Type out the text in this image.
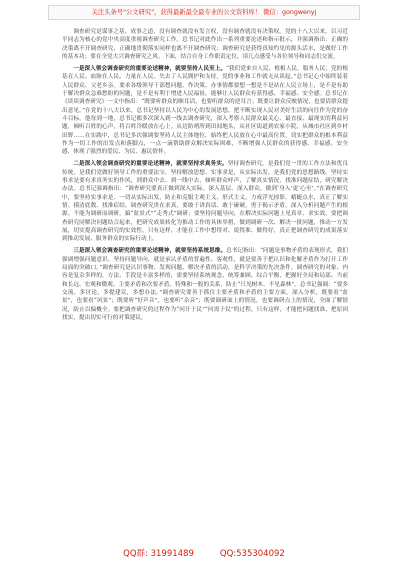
关注头条号"公文研究"，获得最新最全最专业的公文资料库！ 微信：gongwenyj

调查研究是谋事之基、成事之道，没有调查就没有发言权，没有调查就没有决策权。党的十八大以来，以习近平同志为核心的党中央高度重视调查研究工作。总书记对此作出一系列重要论述和指示批示，并强调指出：正确的决策离不开调查研究，正确地贯彻落实同样也离不开调查研究；调查研究是获得真知灼见的源头活水，是做好工作的基本功；要在全党大兴调查研究之风。下面，结合自身工作职责定位，谈几点感受与各位领导和同志们交流。

一是深入领会调查研究的重要论述精神，就要坚持人民至上。“我们党来自人民、植根人民、服务人民，党的根基在人民、血脉在人民、力量在人民。失去了人民拥护和支持，党的事业和工作就无从谈起。”总书记心中始终装着人民群众、父老乡亲。要求各级领导干部想问题、作决策、办事情都要想一想是不是站在人民立场上，是不是有助于解决群众急难愁盼的问题，是不是有利于增进人民福祉，能够让人民群众有获得感、幸福感、安全感。总书记在《谈谈调查研究》一文中指出：“既要听群众的顺耳话，也要听群众的逆耳言；既要让群众反映情况，也要请群众提出意见。”在党的十八大以来，总书记坚持以人民为中心的发展思想，把不断实现人民对美好生活的向往作为党的奋斗目标，他每到一地，总书记都多次深入到一线去调查研究，深入考察人民群众最关心、最直接、最现实的利益问题，倾听百姓的心声，将百姓冷暖放在心上。从边防哨所到田间地头，从社区街道到农家小院，从城市社区到乡村田野……在实践中，总书记多次强调要坚持人民主体地位，始终把人民放在心中最高位置，切实把群众的根本利益作为一切工作的出发点和落脚点，一点一滴帮助群众解决实际困难，不断增强人民群众的获得感、幸福感、安全感，体现了强烈的爱民、为民、惠民情怀。

二是深入领会调查研究的重要论述精神，就要坚持求真务实。坚持调查研究，是我们党一贯的工作方法和优良传统，是我们党做好领导工作的重要法宝。坚持解放思想、实事求是，从实际出发，是我们党的思想路线。坚持实事求是要有求真务实的作风，到群众中去、到一线中去，倾听群众呼声，了解真实情况，找准问题症结，研究解决办法。总书记强调指出：“调查研究要真正做到深入实际、深入基层、深入群众，做到‘身入’更‘心至’。”在调查研究中，要坚持实事求是、一切从实际出发，防止和克服主观主义、形式主义，力戒浮光掠影、蜻蜓点水，真正了解实情、摸清底数、找准症结。调查研究贵在求真，要敢于讲真话、敢于碰硬，勇于揭示矛盾，深入分析问题产生的根源。不能为调研而调研，搞“盆景式”“走秀式”调研；要坚持问题导向，在解决实际问题上见真章、求实效。要把调查研究同解决问题结合起来，把研究成果转化为推动工作的具体举措，做到调研一次、解决一批问题，推动一方发展，切实提高调查研究的实效性。只有这样，才能在工作中想得对、说得准、做得好，真正把调查研究的成果落实到推动发展、服务群众的实际行动上。

三是深入领会调查研究的重要论述精神，就要坚持系统思维。总书记指出：“问题是事物矛盾的表现形式，我们强调增强问题意识、坚持问题导向，就是承认矛盾的普遍性、客观性，就是要善于把认识和化解矛盾作为打开工作局面的突破口。”调查研究是认识事物、发现问题、解决矛盾的活动，是科学决策的先决条件。调查研究的对象、内容是复杂多样的，方法、手段是丰富多样的，需要坚持系统观念，统筹兼顾、综合平衡，把握好全局和局部、当前和长远、宏观和微观、主要矛盾和次要矛盾、特殊和一般的关系，防止“只见树木、不见森林”。总书记强调：“要多交流、多讨论，多提建议，多想办法。”调查研究要善于抓住主要矛盾和矛盾的主要方面，深入分析，既要看“盆景”，也要看“风景”；既要听“好声音”，也要听“杂音”；既要调研面上的情况，也要调研点上的情况，全面了解情况，防止以偏概全。要把调查研究的过程作为“问计于民”“问需于民”的过程，只有这样，才能把问题找准、把原因找实，提出切实可行的对策建议。

QQ群: 31991489	QQ:535304092
